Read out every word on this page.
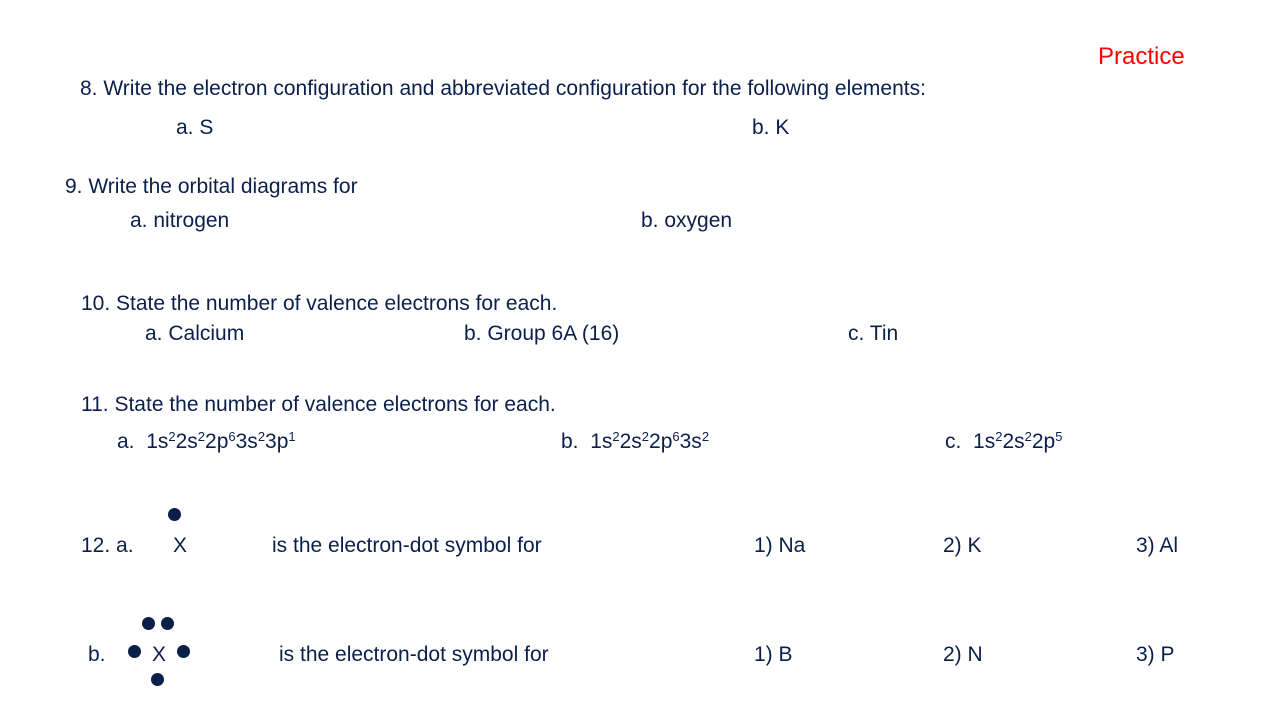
Practice
8. Write the electron configuration and abbreviated configuration for the following elements:
a. S	b. K
9. Write the orbital diagrams for
a. nitrogen	b. oxygen
10. State the number of valence electrons for each.
a. Calcium	b. Group 6A (16)	c. Tin
11. State the number of valence electrons for each.
a.  $1s^22s^22p^63s^23p^1$	b.  $1s^22s^22p^63s^2$	c.  $1s^22s^22p^5$
12. a. X	is the electron-dot symbol for	1) Na	2) K	3) Al
b. X	is the electron-dot symbol for	1) B	2) N	3) P
